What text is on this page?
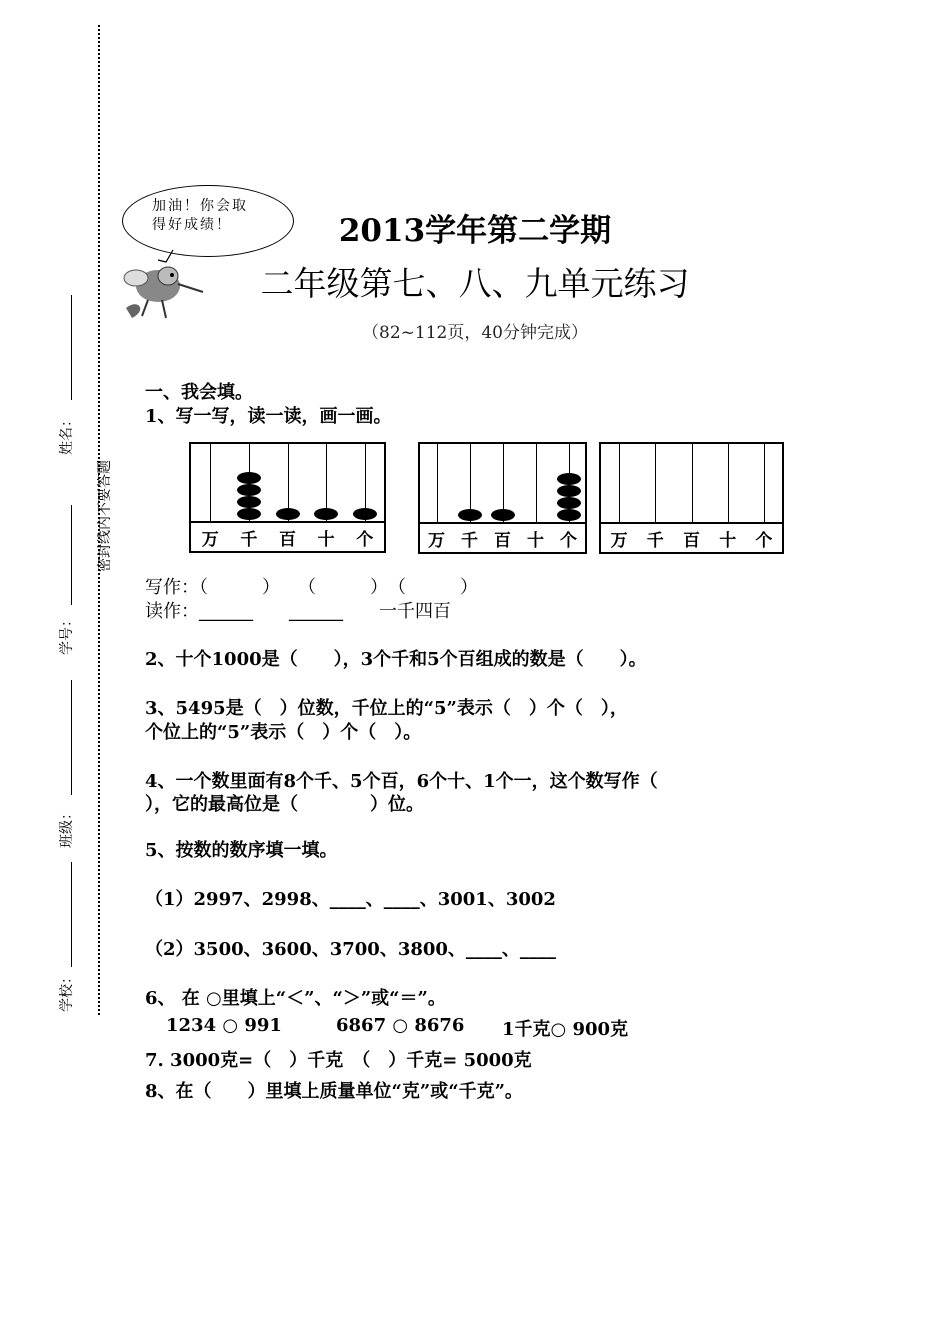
密封线内不要答题
姓名：
学号：
班级：
学校：
加油！你会取得好成绩！	2013学年第二学期
二年级第七、八、九单元练习
（82~112页，40分钟完成）
一、我会填。
1、写一写，读一读，画一画。
万	千	百	十	个	万 千 百 十 个	万	千	百	十	个
写作：（　　　）　　（　　　）　（　　　）
读作：______　　______　　一千四百
2、十个1000是（　　），3个千和5个百组成的数是（　　）。
3、5495是（　）位数，千位上的“5”表示（　）个（　），
个位上的“5”表示（　）个（　）。
4、一个数里面有8个千、5个百，6个十、1个一，这个数写作（
），它的最高位是（　　　　）位。
5、按数的数序填一填。
（1）2997、2998、____、____、3001、3002
（2）3500、3600、3700、3800、____、____
6、 在 ○里填上“＜”、“＞”或“＝”。
1234 ○ 991	6867 ○ 8676 1千克○ 900克
7. 3000克=（　）千克　（　）千克= 5000克
8、在（　　）里填上质量单位“克”或“千克”。
